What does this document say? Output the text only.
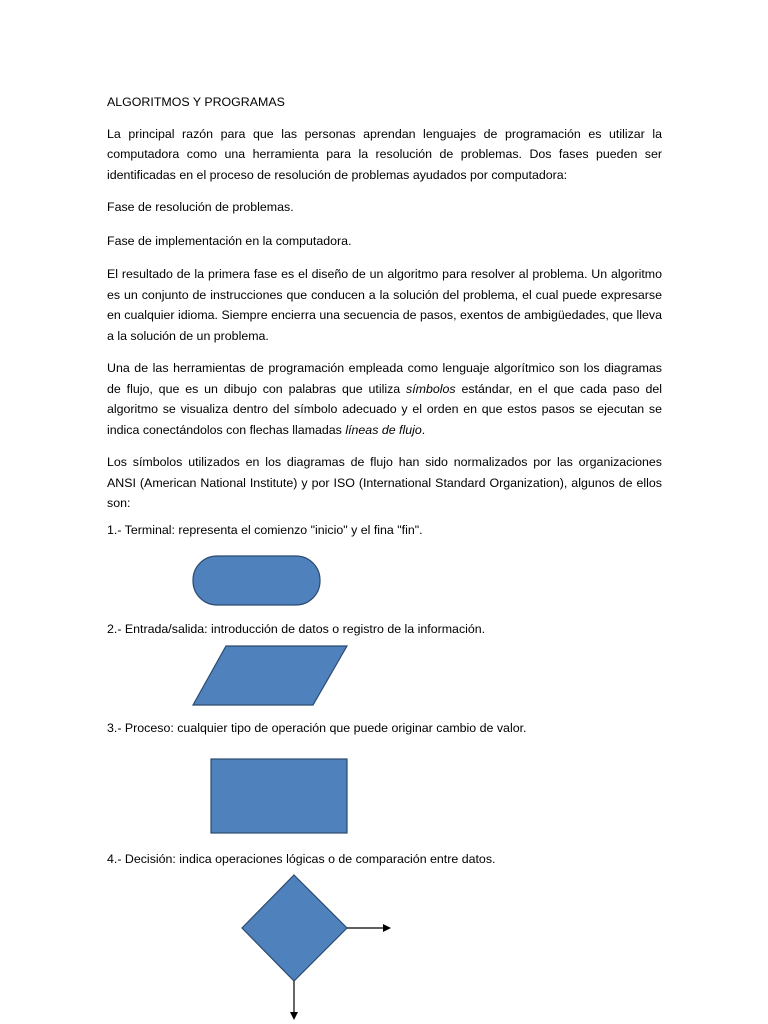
ALGORITMOS Y PROGRAMAS

La principal razón para que las personas aprendan lenguajes de programación es utilizar la computadora como una herramienta para la resolución de problemas. Dos fases pueden ser identificadas en el proceso de resolución de problemas ayudados por computadora:

Fase de resolución de problemas.

Fase de implementación en la computadora.

El resultado de la primera fase es el diseño de un algoritmo para resolver al problema. Un algoritmo es un conjunto de instrucciones que conducen a la solución del problema, el cual puede expresarse en cualquier idioma. Siempre encierra una secuencia de pasos, exentos de ambigüedades, que lleva a la solución de un problema.

Una de las herramientas de programación empleada como lenguaje algorítmico son los diagramas de flujo, que es un dibujo con palabras que utiliza símbolos estándar, en el que cada paso del algoritmo se visualiza dentro del símbolo adecuado y el orden en que estos pasos se ejecutan se indica conectándolos con flechas llamadas líneas de flujo.

Los símbolos utilizados en los diagramas de flujo han sido normalizados por las organizaciones ANSI (American National Institute) y por ISO (International Standard Organization), algunos de ellos son:

1.- Terminal: representa el comienzo "inicio" y el fina "fin".

2.- Entrada/salida: introducción de datos o registro de la información.

3.- Proceso: cualquier tipo de operación que puede originar cambio de valor.

4.- Decisión: indica operaciones lógicas o de comparación entre datos.
